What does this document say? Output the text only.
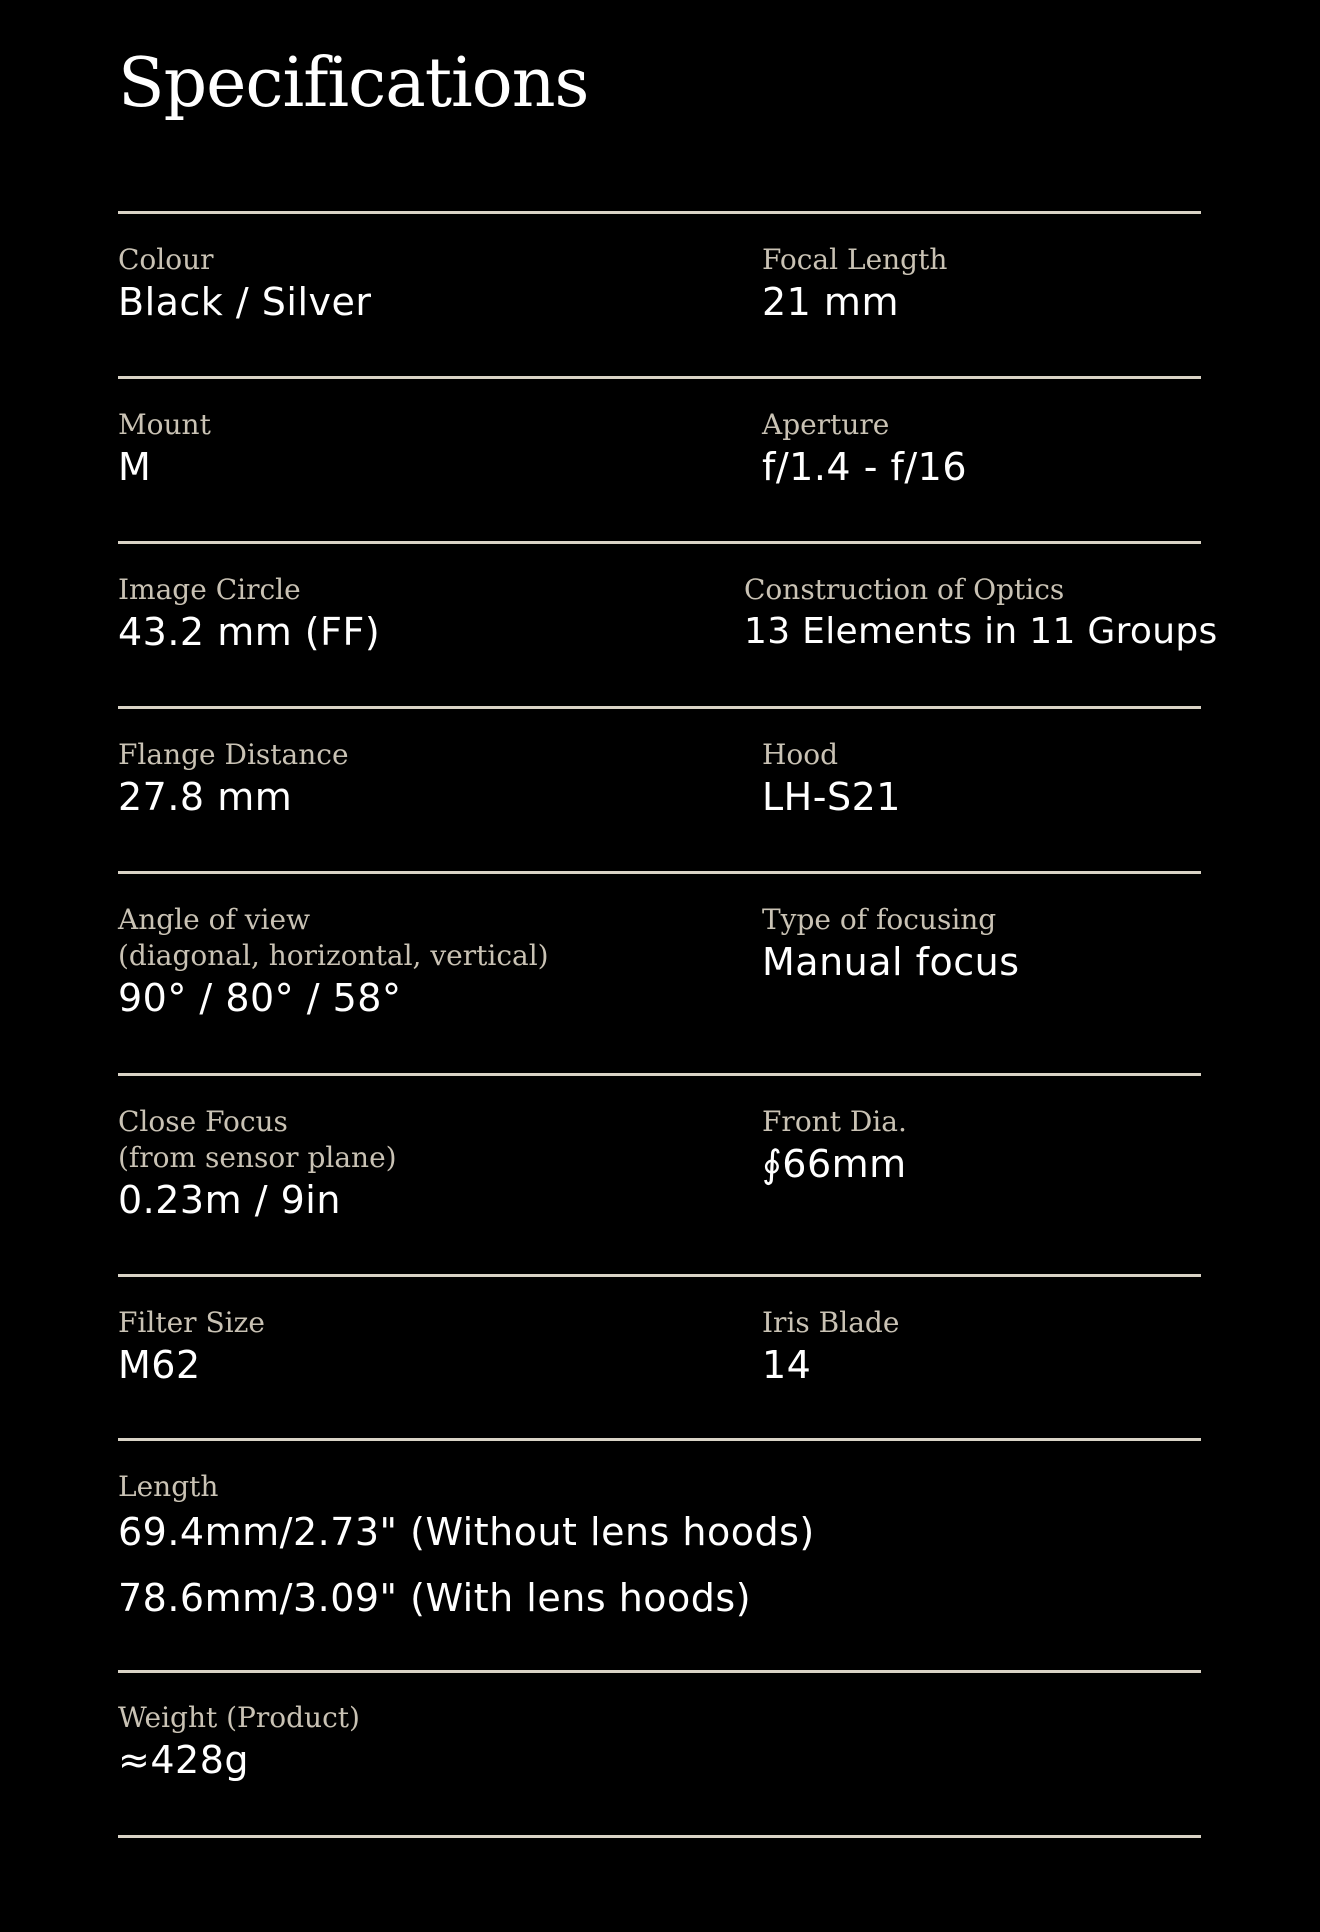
Specifications
Colour
Black / Silver
Focal Length
21 mm
Mount
M
Aperture
f/1.4 - f/16
Image Circle
43.2 mm (FF)
Construction of Optics
13 Elements in 11 Groups
Flange Distance
27.8 mm
Hood
LH-S21
Angle of view
(diagonal, horizontal, vertical)
90° / 80° / 58°
Type of focusing
Manual focus
Close Focus
(from sensor plane)
0.23m / 9in
Front Dia.
∮66mm
Filter Size
M62
Iris Blade
14
Length
69.4mm/2.73" (Without lens hoods)
78.6mm/3.09" (With lens hoods)
Weight (Product)
≈428g
